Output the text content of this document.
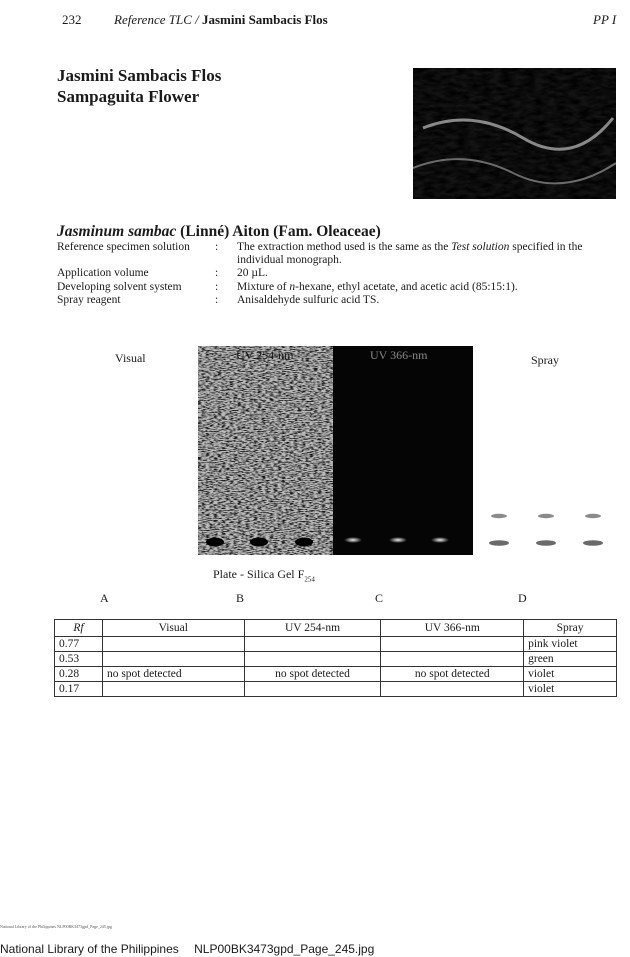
232	Reference TLC / Jasmini Sambacis Flos	PP I
Jasmini Sambacis Flos
Sampaguita Flower
Jasminum sambac (Linné) Aiton (Fam. Oleaceae)
Reference specimen solution	:	The extraction method used is the same as the Test solution specified in the individual monograph.
Application volume	:	20 µL.
Developing solvent system	:	Mixture of n-hexane, ethyl acetate, and acetic acid (85:15:1).
Spray reagent	:	Anisaldehyde sulfuric acid TS.
Visual	Spray
UV 254-nm	UV 366-nm
Plate - Silica Gel $F_{254}$
A	B	C	D
Rf	Visual	UV 254-nm	UV 366-nm	Spray
0.77				pink violet
0.53				green
0.28	no spot detected	no spot detected	no spot detected	violet
0.17				violet
National Library of the Philippines NLP00BK3473gpd_Page_245.jpg
National Library of the Philippines NLP00BK3473gpd_Page_245.jpg
